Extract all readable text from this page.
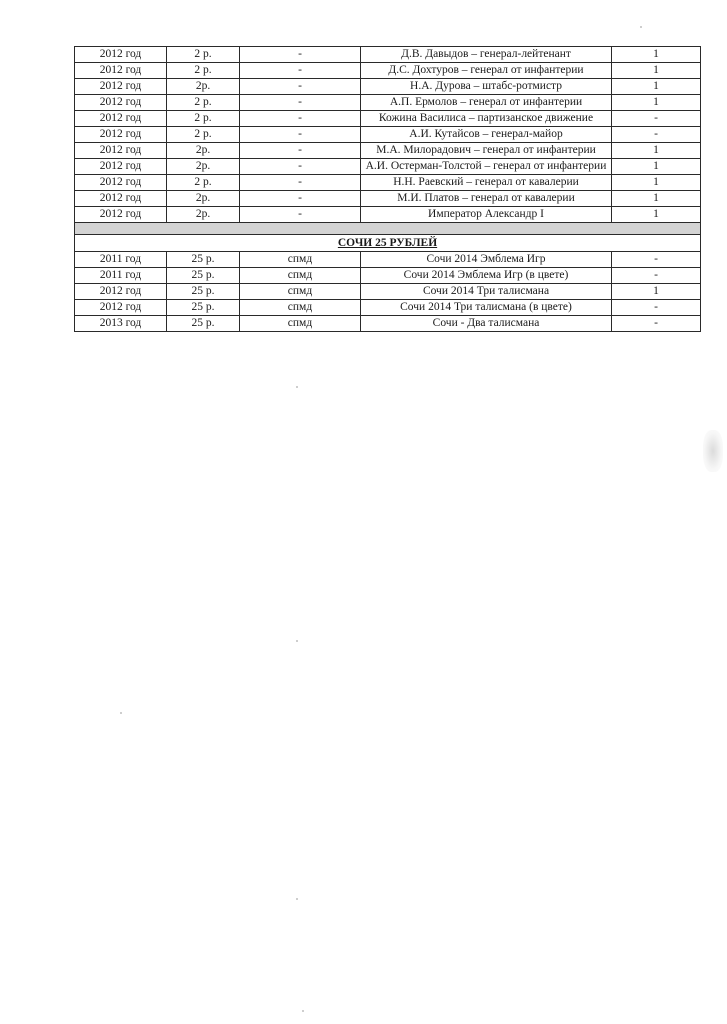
2012 год	2 р.	-	Д.В. Давыдов – генерал-лейтенант	1
2012 год	2 р.	-	Д.С. Дохтуров – генерал от инфантерии	1
2012 год	2р.	-	Н.А. Дурова – штабс-ротмистр	1
2012 год	2 р.	-	А.П. Ермолов – генерал от инфантерии	1
2012 год	2 р.	-	Кожина Василиса – партизанское движение	-
2012 год	2 р.	-	А.И. Кутайсов – генерал-майор	-
2012 год	2р.	-	М.А. Милорадович – генерал от инфантерии	1
2012 год	2р.	-	А.И. Остерман-Толстой – генерал от инфантерии	1
2012 год	2 р.	-	Н.Н. Раевский – генерал от кавалерии	1
2012 год	2р.	-	М.И. Платов – генерал от кавалерии	1
2012 год	2р.	-	Император Александр I	1

СОЧИ 25 РУБЛЕЙ				
2011 год	25 р.	спмд	Сочи 2014 Эмблема Игр	-
2011 год	25 р.	спмд	Сочи 2014 Эмблема Игр (в цвете)	-
2012 год	25 р.	спмд	Сочи 2014 Три талисмана	1
2012 год	25 р.	спмд	Сочи 2014 Три талисмана (в цвете)	-
2013 год	25 р.	спмд	Сочи - Два талисмана	-
